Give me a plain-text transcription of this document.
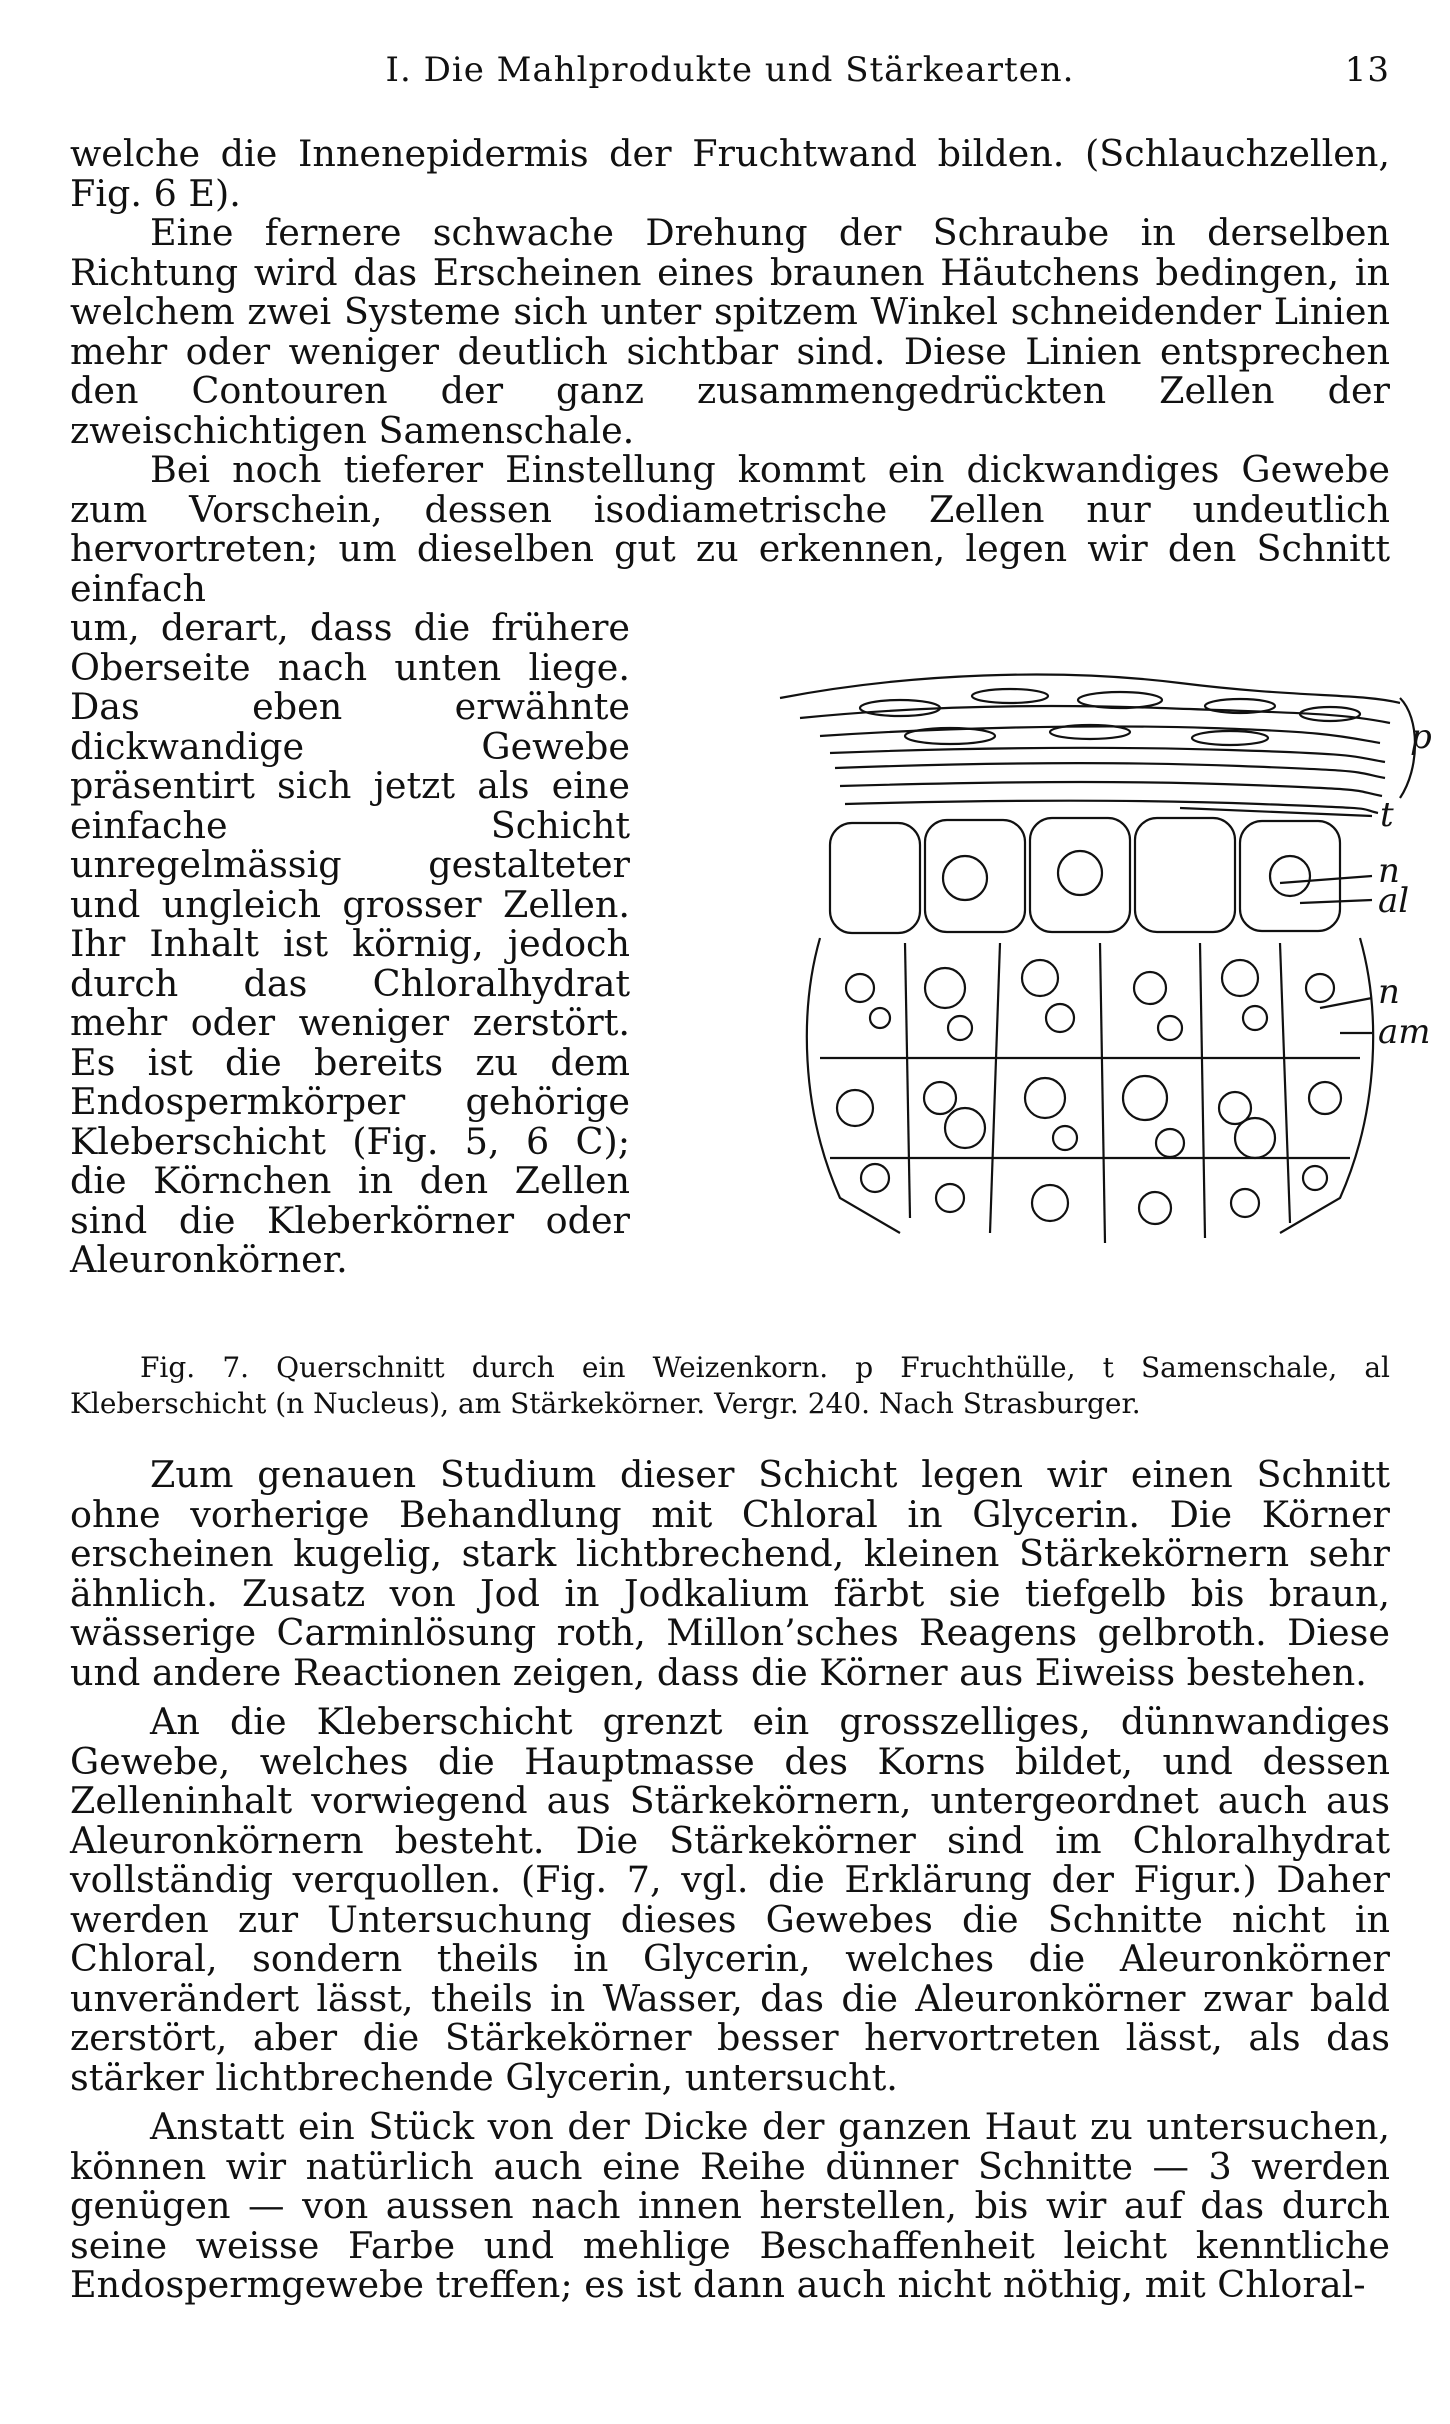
I. Die Mahlprodukte und Stärkearten.	13

welche die Innenepidermis der Fruchtwand bilden. (Schlauchzellen, Fig. 6 E).

Eine fernere schwache Drehung der Schraube in derselben Richtung wird das Erscheinen eines braunen Häutchens bedingen, in welchem zwei Systeme sich unter spitzem Winkel schneidender Linien mehr oder weniger deutlich sichtbar sind. Diese Linien entsprechen den Contouren der ganz zusammengedrückten Zellen der zweischichtigen Samenschale.

Bei noch tieferer Einstellung kommt ein dickwandiges Gewebe zum Vorschein, dessen isodiametrische Zellen nur undeutlich hervortreten; um dieselben gut zu erkennen, legen wir den Schnitt einfach

um, derart, dass die frühere Oberseite nach unten liege. Das eben erwähnte dickwandige Gewebe präsentirt sich jetzt als eine einfache Schicht unregelmässig gestalteter und ungleich grosser Zellen. Ihr Inhalt ist körnig, jedoch durch das Chloralhydrat mehr oder weniger zerstört. Es ist die bereits zu dem Endospermkörper gehörige Kleberschicht (Fig. 5, 6 C); die Körnchen in den Zellen sind die Kleberkörner oder Aleuronkörner.

p
t
n
al
n
am

Fig. 7. Querschnitt durch ein Weizenkorn. p Fruchthülle, t Samenschale, al Kleberschicht (n Nucleus), am Stärkekörner. Vergr. 240. Nach Strasburger.

Zum genauen Studium dieser Schicht legen wir einen Schnitt ohne vorherige Behandlung mit Chloral in Glycerin. Die Körner erscheinen kugelig, stark lichtbrechend, kleinen Stärkekörnern sehr ähnlich. Zusatz von Jod in Jodkalium färbt sie tiefgelb bis braun, wässerige Carminlösung roth, Millon’sches Reagens gelbroth. Diese und andere Reactionen zeigen, dass die Körner aus Eiweiss bestehen.

An die Kleberschicht grenzt ein grosszelliges, dünnwandiges Gewebe, welches die Hauptmasse des Korns bildet, und dessen Zelleninhalt vorwiegend aus Stärkekörnern, untergeordnet auch aus Aleuronkörnern besteht. Die Stärkekörner sind im Chloralhydrat vollständig verquollen. (Fig. 7, vgl. die Erklärung der Figur.) Daher werden zur Untersuchung dieses Gewebes die Schnitte nicht in Chloral, sondern theils in Glycerin, welches die Aleuronkörner unverändert lässt, theils in Wasser, das die Aleuronkörner zwar bald zerstört, aber die Stärkekörner besser hervortreten lässt, als das stärker lichtbrechende Glycerin, untersucht.

Anstatt ein Stück von der Dicke der ganzen Haut zu untersuchen, können wir natürlich auch eine Reihe dünner Schnitte — 3 werden genügen — von aussen nach innen herstellen, bis wir auf das durch seine weisse Farbe und mehlige Beschaffenheit leicht kenntliche Endospermgewebe treffen; es ist dann auch nicht nöthig, mit Chloral-
